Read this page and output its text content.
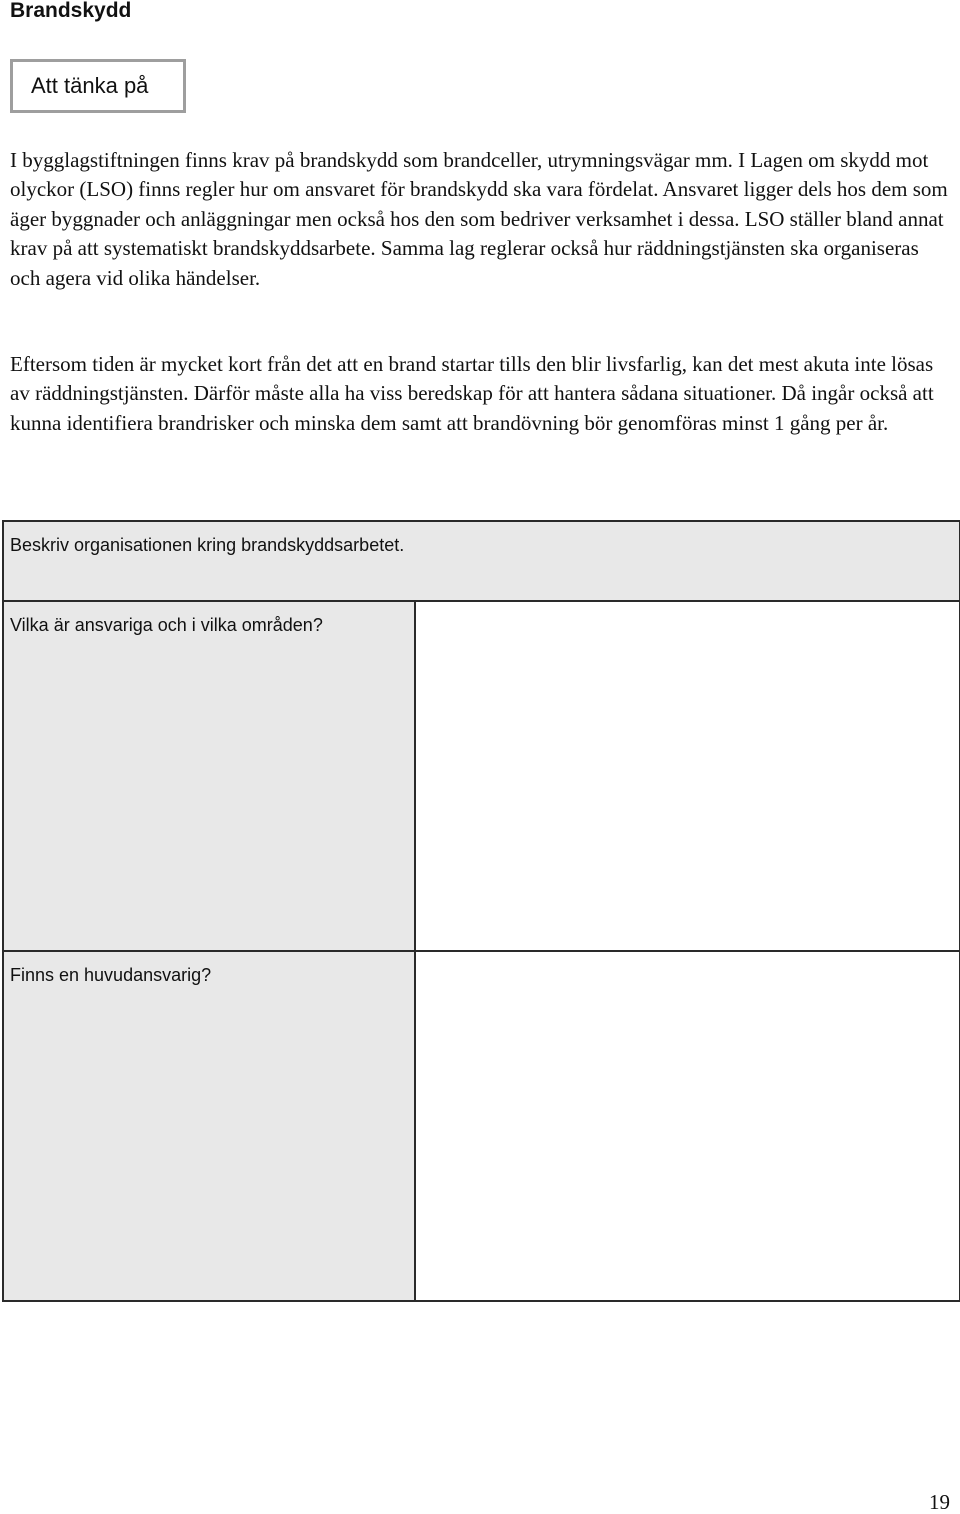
Brandskydd
Att tänka på

I bygglagstiftningen finns krav på brandskydd som brandceller, utrymningsvägar mm. I Lagen om skydd mot olyckor (LSO) finns regler hur om ansvaret för brandskydd ska vara fördelat. Ansvaret ligger dels hos dem som äger byggnader och anläggningar men också hos den som bedriver verksamhet i dessa. LSO ställer bland annat krav på att systematiskt brandskyddsarbete. Samma lag reglerar också hur räddningstjänsten ska organiseras och agera vid olika händelser.

Eftersom tiden är mycket kort från det att en brand startar tills den blir livsfarlig, kan det mest akuta inte lösas av räddningstjänsten. Därför måste alla ha viss beredskap för att hantera sådana situationer. Då ingår också att kunna identifiera brandrisker och minska dem samt att brandövning bör genomföras minst 1 gång per år.

Beskriv organisationen kring brandskyddsarbetet.	
Vilka är ansvariga och i vilka områden?	
Finns en huvudansvarig?	
19
